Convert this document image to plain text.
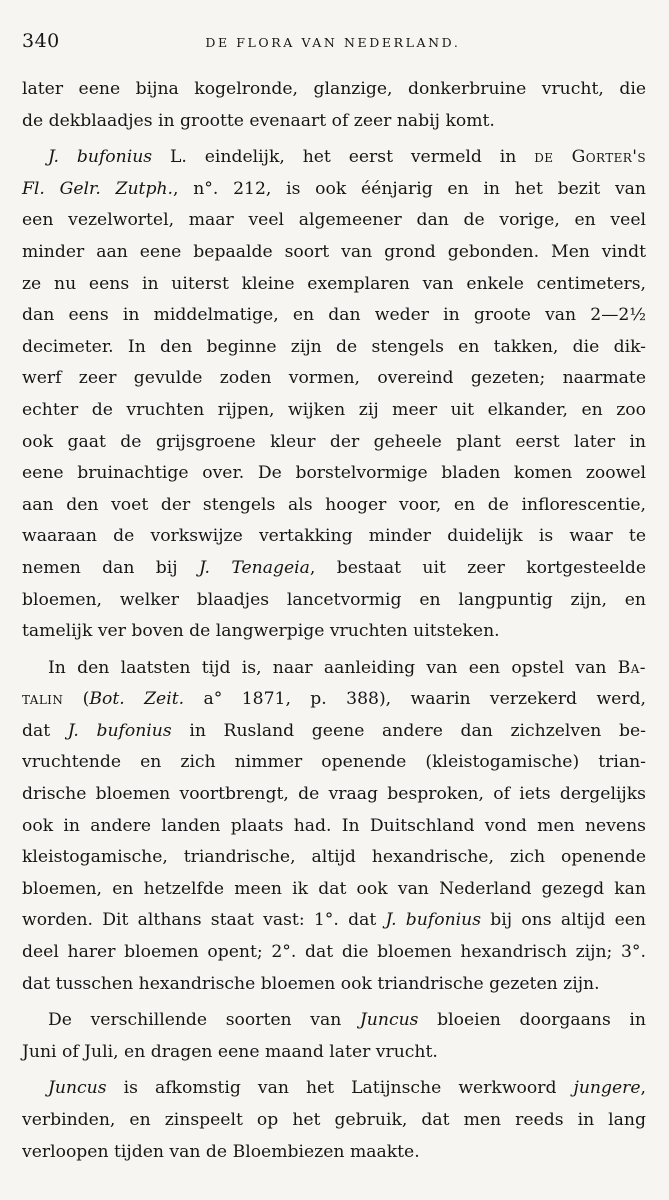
340	DE FLORA VAN NEDERLAND.
later eene bijna kogelronde, glanzige, donkerbruine vrucht, die
de dekblaadjes in grootte evenaart of zeer nabij komt.
J. bufonius L. eindelijk, het eerst vermeld in de Gorter's
Fl. Gelr. Zutph., n°. 212, is ook éénjarig en in het bezit van
een vezelwortel, maar veel algemeener dan de vorige, en veel
minder aan eene bepaalde soort van grond gebonden. Men vindt
ze nu eens in uiterst kleine exemplaren van enkele centimeters,
dan eens in middelmatige, en dan weder in groote van 2—2½
decimeter. In den beginne zijn de stengels en takken, die dik-
werf zeer gevulde zoden vormen, overeind gezeten; naarmate
echter de vruchten rijpen, wijken zij meer uit elkander, en zoo
ook gaat de grijsgroene kleur der geheele plant eerst later in
eene bruinachtige over. De borstelvormige bladen komen zoowel
aan den voet der stengels als hooger voor, en de inflorescentie,
waaraan de vorkswijze vertakking minder duidelijk is waar te
nemen dan bij J. Tenageia, bestaat uit zeer kortgesteelde
bloemen, welker blaadjes lancetvormig en langpuntig zijn, en
tamelijk ver boven de langwerpige vruchten uitsteken.
In den laatsten tijd is, naar aanleiding van een opstel van Ba-
talin (Bot. Zeit. a° 1871, p. 388), waarin verzekerd werd,
dat J. bufonius in Rusland geene andere dan zichzelven be-
vruchtende en zich nimmer openende (kleistogamische) trian-
drische bloemen voortbrengt, de vraag besproken, of iets dergelijks
ook in andere landen plaats had. In Duitschland vond men nevens
kleistogamische, triandrische, altijd hexandrische, zich openende
bloemen, en hetzelfde meen ik dat ook van Nederland gezegd kan
worden. Dit althans staat vast: 1°. dat J. bufonius bij ons altijd een
deel harer bloemen opent; 2°. dat die bloemen hexandrisch zijn; 3°.
dat tusschen hexandrische bloemen ook triandrische gezeten zijn.
De verschillende soorten van Juncus bloeien doorgaans in
Juni of Juli, en dragen eene maand later vrucht.
Juncus is afkomstig van het Latijnsche werkwoord jungere,
verbinden, en zinspeelt op het gebruik, dat men reeds in lang
verloopen tijden van de Bloembiezen maakte.
